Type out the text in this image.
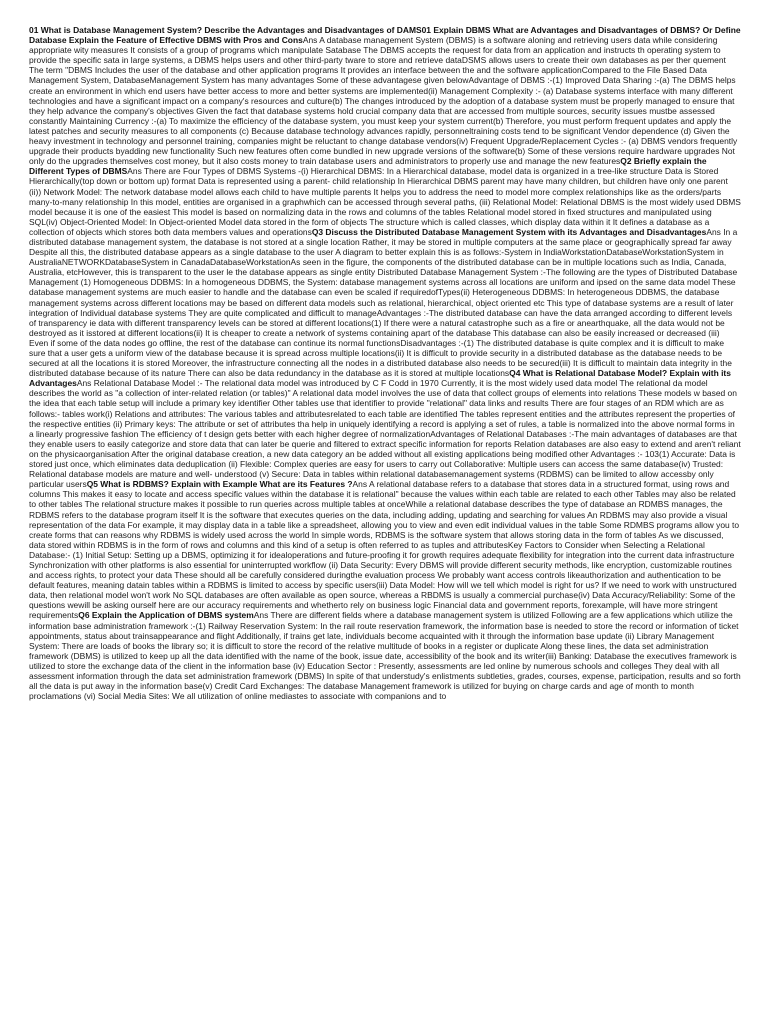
01 What is Database Management System? Describe the Advantages and Disadvantages of DAMS01 Explain DBMS What are Advantages and Disadvantages of DBMS? Or Define Database Explain the Feature of Effective DBMS with Pros and ConsAns A database management System (DBMS) is a software aloning and retrieving users data while considering appropriate wity measures It consists of a group of programs which manipulate Satabase The DBMS accepts the request for data from an application and instructs th operating system to provide the specific sata in large systems, a DBMS helps users and other third-party tware to store and retrieve dataDSMS allows users to create their own databases as per ther quement The term "DBMS Includes the user of the database and other application programs It provides an interface between the and the software applicationCompared to the File Based Data Management System, DatabaseManagement System has many advantages Some of these advantagese given belowAdvantage of DBMS :-(1) Improved Data Sharing :-(a) The DBMS helps create an environment in which end users have better access to more and better systems are implemented(ii) Management Complexity :- (a) Database systems interface with many different technologies and have a significant impact on a company's resources and culture(b) The changes introduced by the adoption of a database system must be properly managed to ensure that they help advance the company's objectives Given the fact that database systems hold crucial company data that are accessed from multiple sources, security issues mustbe assessed constantly Maintaining Currency :-(a) To maximize the efficiency of the database system, you must keep your system current(b) Therefore, you must perform frequent updates and apply the latest patches and security measures to all components (c) Because database technology advances rapidly, personneltraining costs tend to be significant Vendor dependence (d) Given the heavy investment in technology and personnel training, companies might be reluctant to change database vendors(iv) Frequent Upgrade/Replacement Cycles :- (a) DBMS vendors frequently upgrade their products byadding new functionality Such new features often come bundled in new upgrade versions of the software(b) Some of these versions require hardware upgrades Not only do the upgrades themselves cost money, but it also costs money to train database users and administrators to properly use and manage the new featuresQ2 Briefly explain the Different Types of DBMSAns There are Four Types of DBMS Systems -(i) Hierarchical DBMS: In a Hierarchical database, model data is organized in a tree-like structure Data is Stored Hierarchically(top down or bottom up) format Data is represented using a parent- child relationship In Hierarchical DBMS parent may have many children, but children have only one parent (ii)) Network Model: The network database model allows each child to have multiple parents It helps you to address the need to model more complex relationships like as the orders/parts many-to-many relationship In this model, entities are organised in a graphwhich can be accessed through several paths, (iii) Relational Model: Relational DBMS is the most widely used DBMS model because it is one of the easiest This model is based on normalizing data in the rows and columns of the tables Relational model stored in fixed structures and manipulated using SQL(iv) Object-Oriented Model: In Object-oriented Model data stored in the form of objects The structure which is called classes, which display data within it It defines a database as a collection of objects which stores both data members values and operationsQ3 Discuss the Distributed Database Management System with its Advantages and DisadvantagesAns In a distributed database management system, the database is not stored at a single location Rather, it may be stored in multiple computers at the same place or geographically spread far away Despite all this, the distributed database appears as a single database to the user A diagram to better explain this is as follows:-System in IndiaWorkstationDatabaseWorkstationSystem in AustraliaNETWORKDatabaseSystem in CanadaDatabaseWorkstationAs seen in the figure, the components of the distributed database can be in multiple locations such as India, Canada, Australia, etcHowever, this is transparent to the user le the database appears as single entity Distributed Database Management System :-The following are the types of Distributed Database Management (1) Homogeneous DDBMS: In a homogeneous DDBMS, the System: database management systems across all locations are uniform and ipsed on the same data model These database management systems are much easier to handle and the database can even be scaled if requiredofTypes(ii) Heterogeneous DDBMS: In heterogeneous DDBMS, the database management systems across different locations may be based on different data models such as relational, hierarchical, object oriented etc This type of database systems are a result of later integration of Individual database systems They are quite complicated and difficult to manageAdvantages :-The distributed database can have the data arranged according to different levels of transparency ie data with different transparency levels can be stored at different locations(1) If there were a natural catastrophe such as a fire or anearthquake, all the data would not be destroyed as it isstored at different locations(ii) It is cheaper to create a network of systems containing apart of the database This database can also be easily increased or decreased (iii) Even if some of the data nodes go offline, the rest of the database can continue its normal functionsDisadvantages :-(1) The distributed database is quite complex and it is difficult to make sure that a user gets a uniform view of the database because it is spread across multiple locations(ii) It is difficult to provide security in a distributed database as the database needs to be secured at all the locations it is stored Moreover, the infrastructure connecting all the nodes in a distributed database also needs to be secured(iii) It is difficult to maintain data integrity in the distributed database because of its nature There can also be data redundancy in the database as it is stored at multiple locationsQ4 What is Relational Database Model? Explain with its AdvantagesAns Relational Database Model :- The relational data model was introduced by C F Codd in 1970 Currently, it is the most widely used data model The relational da model describes the world as "a collection of inter-related relation (or tables)" A relational data model involves the use of data that collect groups of elements into relations These models w based on the idea that each table setup will include a primary key identifier Other tables use that identifier to provide "relational" data links and results There are four stages of an RDM which are as follows:- tables work(i) Relations and attributes: The various tables and attributesrelated to each table are identified The tables represent entities and the attributes represent the properties of the respective entities (ii) Primary keys: The attribute or set of attributes tha help in uniquely identifying a record is applying a set of rules, a table is normalized into the above normal forms in a linearly progressive fashion The efficiency of t design gets better with each higher degree of normalizationAdvantages of Relational Databases :-The main advantages of databases are that they enable users to easily categorize and store data that can later be querie and filtered to extract specific information for reports Relation databases are also easy to extend and aren't reliant on the physicaorganisation After the original database creation, a new data category an be added without all existing applications being modified other Advantages :- 103(1) Accurate: Data is stored just once, which eliminates data deduplication (ii) Flexible: Complex queries are easy for users to carry out Collaborative: Multiple users can access the same database(iv) Trusted: Relational database models are mature and well- understood (v) Secure: Data in tables within relational databasemanagement systems (RDBMS) can be limited to allow accessby only particular usersQ5 What is RDBMS? Explain with Example What are its Features ?Ans A relational database refers to a database that stores data in a structured format, using rows and columns This makes it easy to locate and access specific values within the database it is relational" because the values within each table are related to each other Tables may also be related to other tables The relational structure makes it possible to run queries across multiple tables at onceWhile a relational database describes the type of database an RDMBS manages, the RDBMS refers to the database program itself It is the software that executes queries on the data, including adding, updating and searching for values An RDBMS may also provide a visual representation of the data For example, it may display data in a table like a spreadsheet, allowing you to view and even edit individual values in the table Some RDMBS programs allow you to create forms that can reasons why RDBMS is widely used across the world In simple words, RDBMS is the software system that allows storing data in the form of tables As we discussed, data stored within RDBMS is in the form of rows and columns and this kind of a setup is often referred to as tuples and attributesKey Factors to Consider when Selecting a Relational Database:- (1) Initial Setup: Setting up a DBMS, optimizing it for idealoperations and future-proofing it for growth requires adequate flexibility for integration into the current data infrastructure Synchronization with other platforms is also essential for uninterrupted workflow (ii) Data Security: Every DBMS will provide different security methods, like encryption, customizable routines and access rights, to protect your data These should all be carefully considered duringthe evaluation process We probably want access controls likeauthorization and authentication to be default features, meaning datain tables within a RDBMS is limited to access by specific users(iii) Data Model: How will we tell which model is right for us? If we need to work with unstructured data, then relational model won't work No SQL databases are often available as open source, whereas a RBDMS is usually a commercial purchase(iv) Data Accuracy/Reliability: Some of the questions wewill be asking ourself here are our accuracy requirements and whetherto rely on business logic Financial data and government reports, forexample, will have more stringent requirementsQ6 Explain the Application of DBMS systemAns There are different fields where a database management system is utilized Following are a few applications which utilize the information base administration framework :-(1) Railway Reservation System: In the rail route reservation framework, the information base is needed to store the record or information of ticket appointments, status about trainsappearance and flight Additionally, if trains get late, individuals become acquainted with it through the information base update (ii) Library Management System: There are loads of books the library so; it is difficult to store the record of the relative multitude of books in a register or duplicate Along these lines, the data set administration framework (DBMS) is utilized to keep up all the data identified with the name of the book, issue date, accessibility of the book and its writer(iii) Banking: Database the executives framework is utilized to store the exchange data of the client in the information base (iv) Education Sector : Presently, assessments are led online by numerous schools and colleges They deal with all assessment information through the data set administration framework (DBMS) In spite of that understudy's enlistments subtleties, grades, courses, expense, participation, results and so forth all the data is put away in the information base(v) Credit Card Exchanges: The database Management framework is utilized for buying on charge cards and age of month to month proclamations (vi) Social Media Sites: We all utilization of online mediastes to associate with companions and to
